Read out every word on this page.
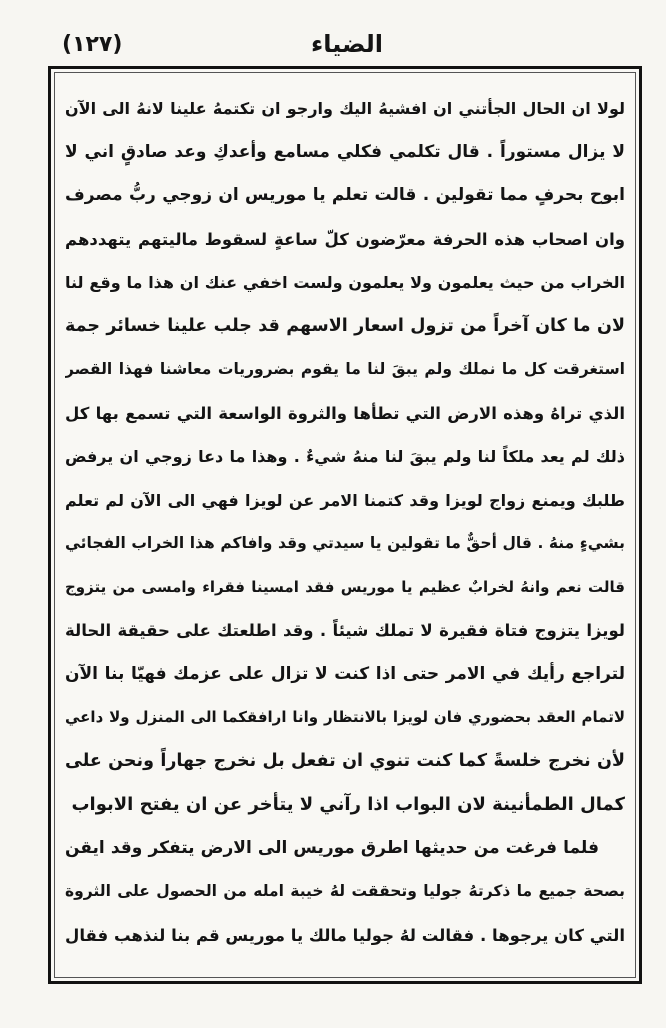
(١٢٧)	الضياء
لولا ان الحال الجأتني ان افشيهُ اليك وارجو ان تكتمهُ علينا لانهُ الى الآن
لا يزال مستوراً . قال تكلمي فكلي مسامع وأعدكِ وعد صادقٍ اني لا
ابوح بحرفٍ مما تقولين . قالت تعلم يا موريس ان زوجي ربُّ مصرف
وان اصحاب هذه الحرفة معرّضون كلّ ساعةٍ لسقوط ماليتهم يتهددهم
الخراب من حيث يعلمون ولا يعلمون ولست اخفي عنك ان هذا ما وقع لنا
لان ما كان آخراً من تزول اسعار الاسهم قد جلب علينا خسائر جمة
استغرقت كل ما نملك ولم يبقَ لنا ما يقوم بضروريات معاشنا فهذا القصر
الذي تراهُ وهذه الارض التي تطأها والثروة الواسعة التي تسمع بها كل
ذلك لم يعد ملكاً لنا ولم يبقَ لنا منهُ شيءٌ . وهذا ما دعا زوجي ان يرفض
طلبك ويمنع زواج لويزا وقد كتمنا الامر عن لويزا فهي الى الآن لم تعلم
بشيءٍ منهُ . قال أحقٌّ ما تقولين يا سيدتي وقد وافاكم هذا الخراب الفجائي
قالت نعم وانهُ لخرابٌ عظيم يا موريس فقد امسينا فقراء وامسى من يتزوج
لويزا يتزوج فتاة فقيرة لا تملك شيئاً . وقد اطلعتك على حقيقة الحالة
لتراجع رأيك في الامر حتى اذا كنت لا تزال على عزمك فهيّا بنا الآن
لاتمام العقد بحضوري فان لويزا بالانتظار وانا ارافقكما الى المنزل ولا داعي
لأن نخرج خلسةً كما كنت تنوي ان تفعل بل نخرج جهاراً ونحن على
كمال الطمأنينة لان البواب اذا رآني لا يتأخر عن ان يفتح الابواب
فلما فرغت من حديثها اطرق موريس الى الارض يتفكر وقد ايقن
بصحة جميع ما ذكرتهُ جوليا وتحققت لهُ خيبة امله من الحصول على الثروة
التي كان يرجوها . فقالت لهُ جوليا مالك يا موريس قم بنا لنذهب فقال
